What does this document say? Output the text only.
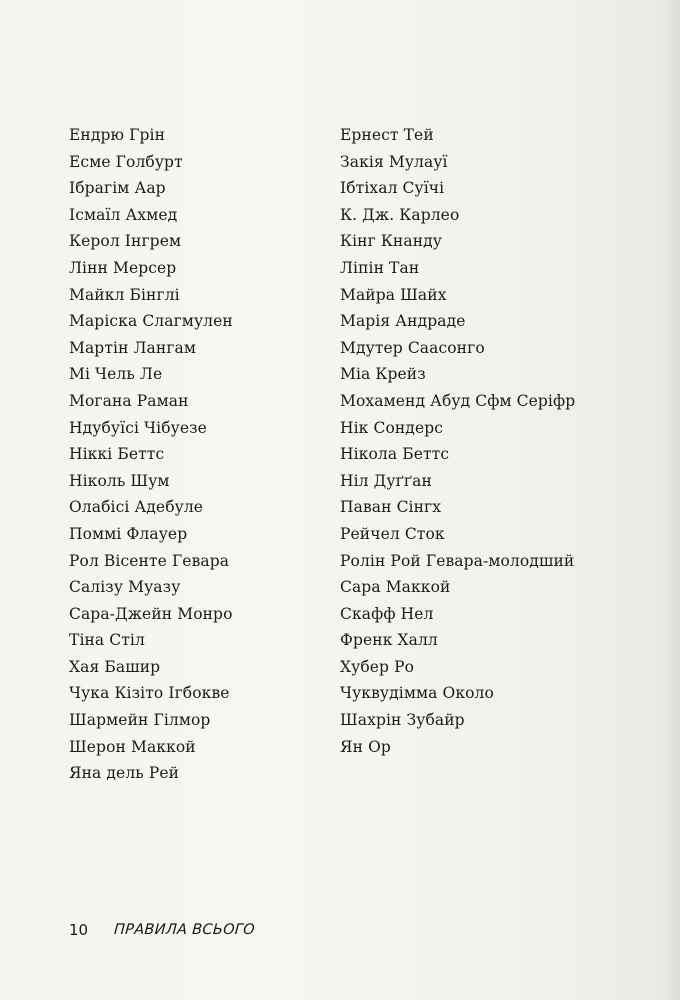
Ендрю Грін
Есме Голбурт
Ібрагім Аар
Ісмаїл Ахмед
Керол Інгрем
Лінн Мерсер
Майкл Бінглі
Маріска Слагмулен
Мартін Лангам
Мі Чель Ле
Могана Раман
Ндубуїсі Чібуезе
Ніккі Беттс
Ніколь Шум
Олабісі Адебуле
Поммі Флауер
Рол Вісенте Гевара
Салізу Муазу
Сара-Джейн Монро
Тіна Стіл
Хая Башир
Чука Кізіто Ігбокве
Шармейн Гілмор
Шерон Маккой
Яна дель Рей
Ернест Тей
Закія Мулауї
Ібтіхал Суїчі
К. Дж. Карлео
Кінг Кнанду
Ліпін Тан
Майра Шайх
Марія Андраде
Мдутер Саасонго
Міа Крейз
Мохаменд Абуд Сфм Серіфр
Нік Сондерс
Нікола Беттс
Ніл Дуґґан
Паван Сінгх
Рейчел Сток
Ролін Рой Гевара-молодший
Сара Маккой
Скафф Нел
Френк Халл
Хубер Ро
Чуквудімма Около
Шахрін Зубайр
Ян Ор
10 ПРАВИЛА ВСЬОГО
